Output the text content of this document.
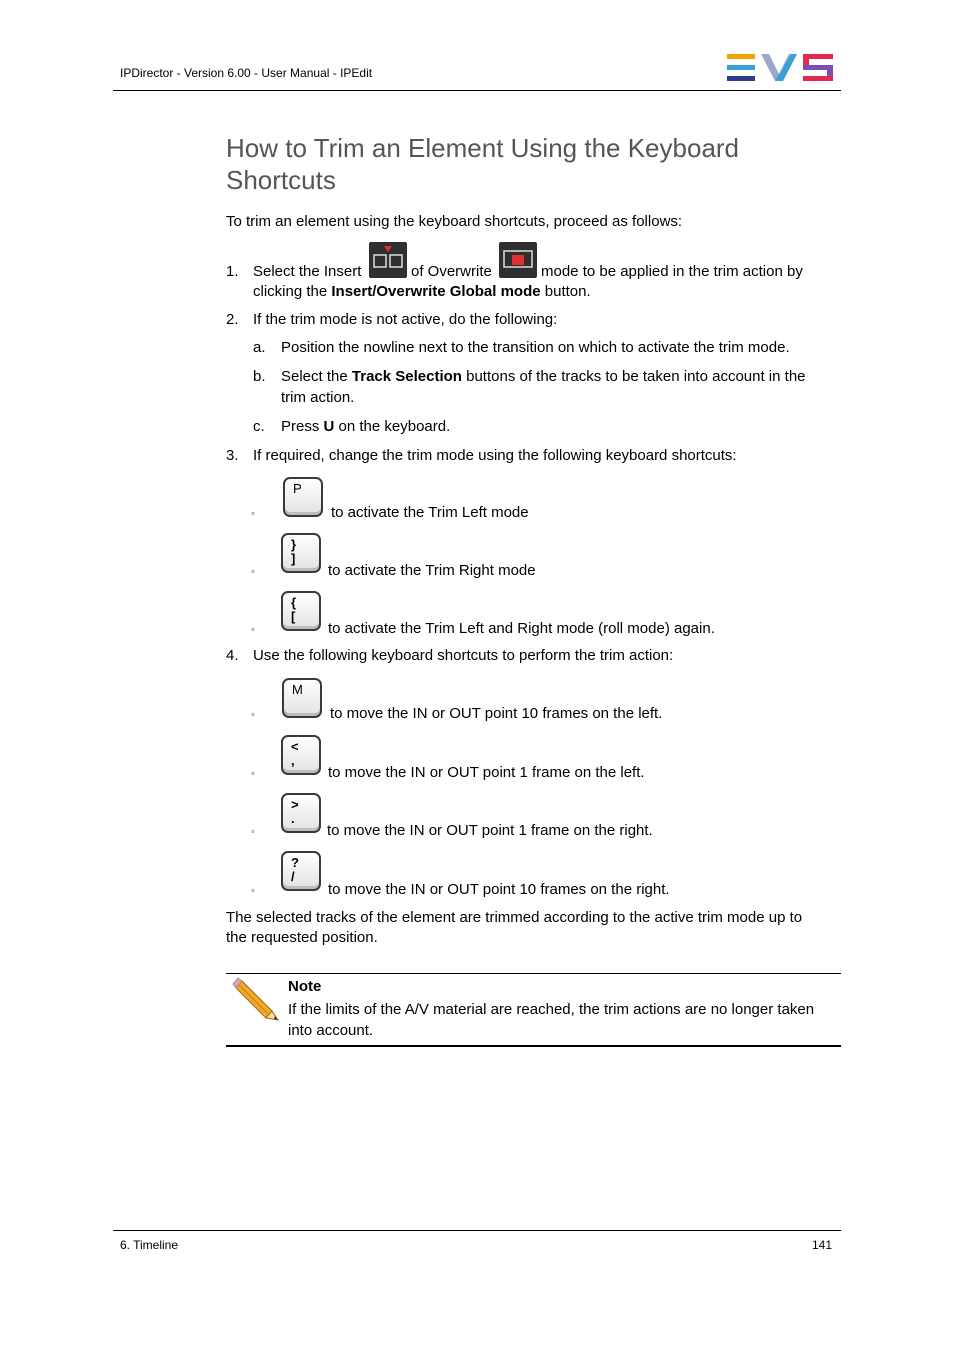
IPDirector - Version 6.00 - User Manual - IPEdit
How to Trim an Element Using the Keyboard Shortcuts
To trim an element using the keyboard shortcuts, proceed as follows:
1. Select the Insert	of Overwrite	mode to be applied in the trim action by
clicking the Insert/Overwrite Global mode button.
2. If the trim mode is not active, do the following:
a. Position the nowline next to the transition on which to activate the trim mode.
b. Select the Track Selection buttons of the tracks to be taken into account in the
trim action.
c. Press U on the keyboard.
3. If required, change the trim mode using the following keyboard shortcuts:
◦
P
to activate the Trim Left mode
◦
}
]
to activate the Trim Right mode
◦
{
[
to activate the Trim Left and Right mode (roll mode) again.
4. Use the following keyboard shortcuts to perform the trim action:
◦
M
to move the IN or OUT point 10 frames on the left.
◦
<
,
to move the IN or OUT point 1 frame on the left.
◦
>
.
to move the IN or OUT point 1 frame on the right.
◦
?
/
to move the IN or OUT point 10 frames on the right.
The selected tracks of the element are trimmed according to the active trim mode up to
the requested position.
Note
If the limits of the A/V material are reached, the trim actions are no longer taken
into account.
6. Timeline	141
